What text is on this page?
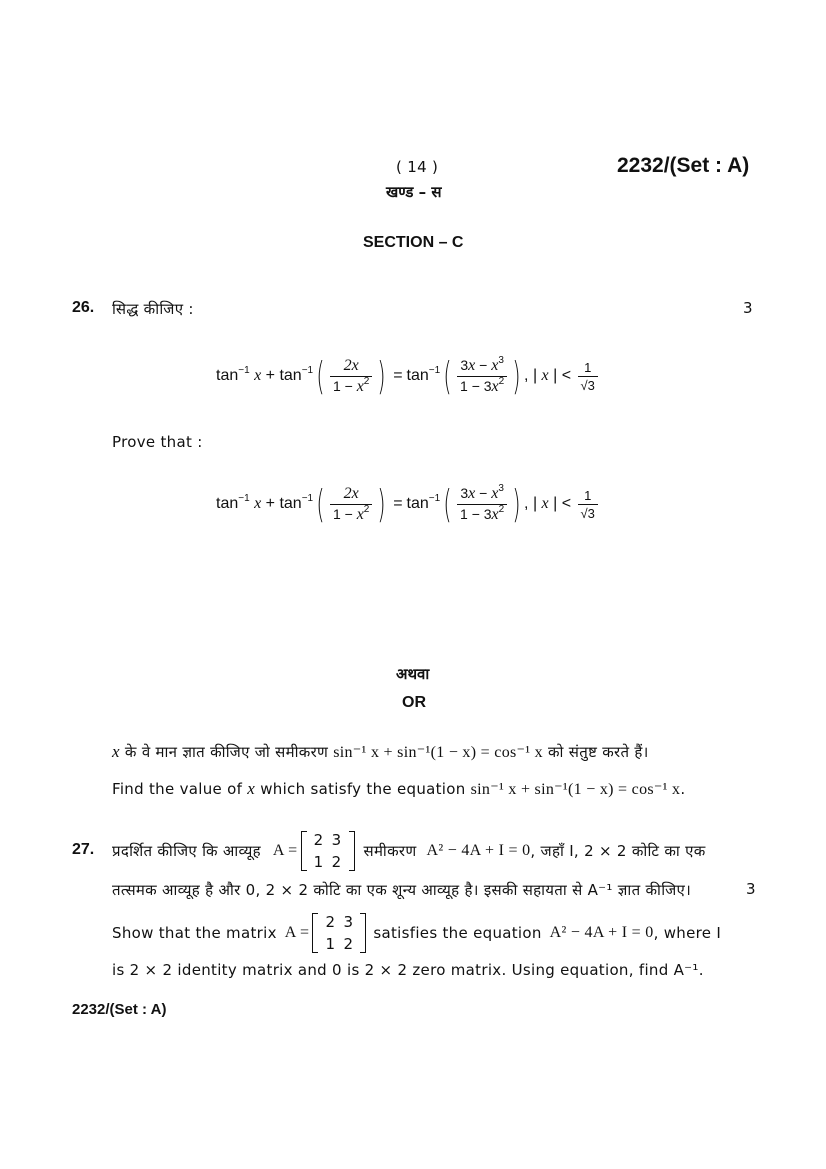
( 14 )	2232/(Set : A)
खण्ड – स
SECTION – C
26. सिद्ध कीजिए :	3
$\tan^{-1} x + \tan^{-1}$ ( $\frac{2x}{1 - x^2}$ ) = $\tan^{-1}$ ( $\frac{3x - x^3}{1 - 3x^2}$ ) , | x | < $\frac{1}{√3}$
Prove that :
$\tan^{-1} x + \tan^{-1}$ ( $\frac{2x}{1 - x^2}$ ) = $\tan^{-1}$ ( $\frac{3x - x^3}{1 - 3x^2}$ ) , | x | < $\frac{1}{√3}$
अथवा
OR
x के वे मान ज्ञात कीजिए जो समीकरण sin⁻¹ x + sin⁻¹(1 − x) = cos⁻¹ x को संतुष्ट करते हैं।
Find the value of x which satisfy the equation sin⁻¹ x + sin⁻¹(1 − x) = cos⁻¹ x.
27. प्रदर्शित कीजिए कि आव्यूह A =
2 3
1 2
समीकरण A² − 4A + I = 0 , जहाँ I, 2 × 2 कोटि का एक
तत्समक आव्यूह है और 0, 2 × 2 कोटि का एक शून्य आव्यूह है। इसकी सहायता से A⁻¹ ज्ञात कीजिए।	3
Show that the matrix A =
2 3
1 2
satisfies the equation A² − 4A + I = 0 , where I
is 2 × 2 identity matrix and 0 is 2 × 2 zero matrix. Using equation, find A⁻¹.
2232/(Set : A)
